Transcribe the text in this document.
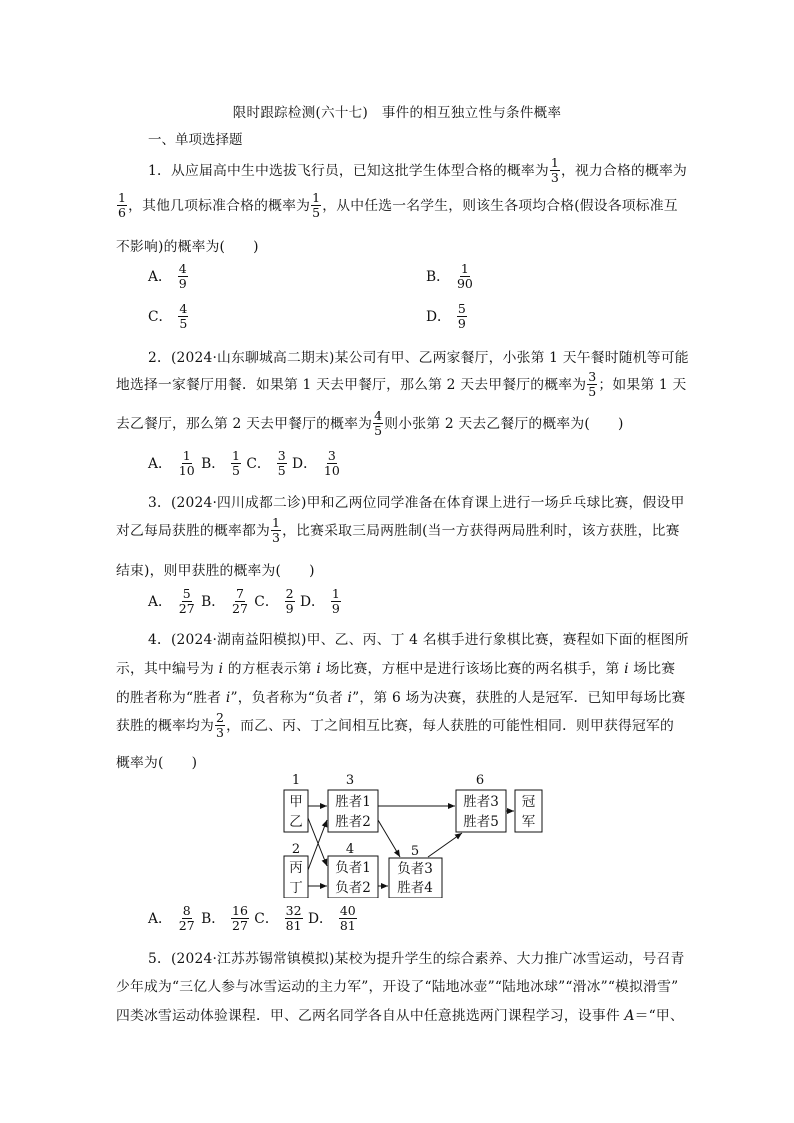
限时跟踪检测(六十七)　事件的相互独立性与条件概率
一、单项选择题
1．从应届高中生中选拔飞行员，已知这批学生体型合格的概率为 $\frac{1}{3}$ ，视力合格的概率为
$\frac{1}{6}$ ，其他几项标准合格的概率为 $\frac{1}{5}$ ，从中任选一名学生，则该生各项均合格(假设各项标准互
不影响)的概率为(　　)
A． $\frac{4}{9}$	B． $\frac{1}{90}$
C． $\frac{4}{5}$	D． $\frac{5}{9}$
2．(2024·山东聊城高二期末)某公司有甲、乙两家餐厅，小张第 1 天午餐时随机等可能
地选择一家餐厅用餐．如果第 1 天去甲餐厅，那么第 2 天去甲餐厅的概率为 $\frac{3}{5}$ ；如果第 1 天
去乙餐厅，那么第 2 天去甲餐厅的概率为 $\frac{4}{5}$ 则小张第 2 天去乙餐厅的概率为(　　)
A． $\frac{1}{10}$ B． $\frac{1}{5}$ C． $\frac{3}{5}$ D． $\frac{3}{10}$
3．(2024·四川成都二诊)甲和乙两位同学准备在体育课上进行一场乒乓球比赛，假设甲
对乙每局获胜的概率都为 $\frac{1}{3}$ ，比赛采取三局两胜制(当一方获得两局胜利时，该方获胜，比赛
结束)，则甲获胜的概率为(　　)
A． $\frac{5}{27}$ B． $\frac{7}{27}$ C． $\frac{2}{9}$ D． $\frac{1}{9}$
4．(2024·湖南益阳模拟)甲、乙、丙、丁 4 名棋手进行象棋比赛，赛程如下面的框图所
示，其中编号为 i 的方框表示第 i 场比赛，方框中是进行该场比赛的两名棋手，第 i 场比赛
的胜者称为“胜者 i”，负者称为“负者 i”，第 6 场为决赛，获胜的人是冠军．已知甲每场比赛
获胜的概率均为 $\frac{2}{3}$ ，而乙、丙、丁之间相互比赛，每人获胜的可能性相同．则甲获得冠军的
概率为(　　)
1	3	6
2	4	5
甲
乙
丙
丁
胜者1
胜者2
负者1
负者2
负者3
胜者4
胜者3
胜者5
冠
军
A． $\frac{8}{27}$ B． $\frac{16}{27}$ C． $\frac{32}{81}$ D． $\frac{40}{81}$
5．(2024·江苏苏锡常镇模拟)某校为提升学生的综合素养、大力推广冰雪运动，号召青
少年成为“三亿人参与冰雪运动的主力军”，开设了“陆地冰壶”“陆地冰球”“滑冰”“模拟滑雪”
四类冰雪运动体验课程．甲、乙两名同学各自从中任意挑选两门课程学习，设事件 A＝“甲、
